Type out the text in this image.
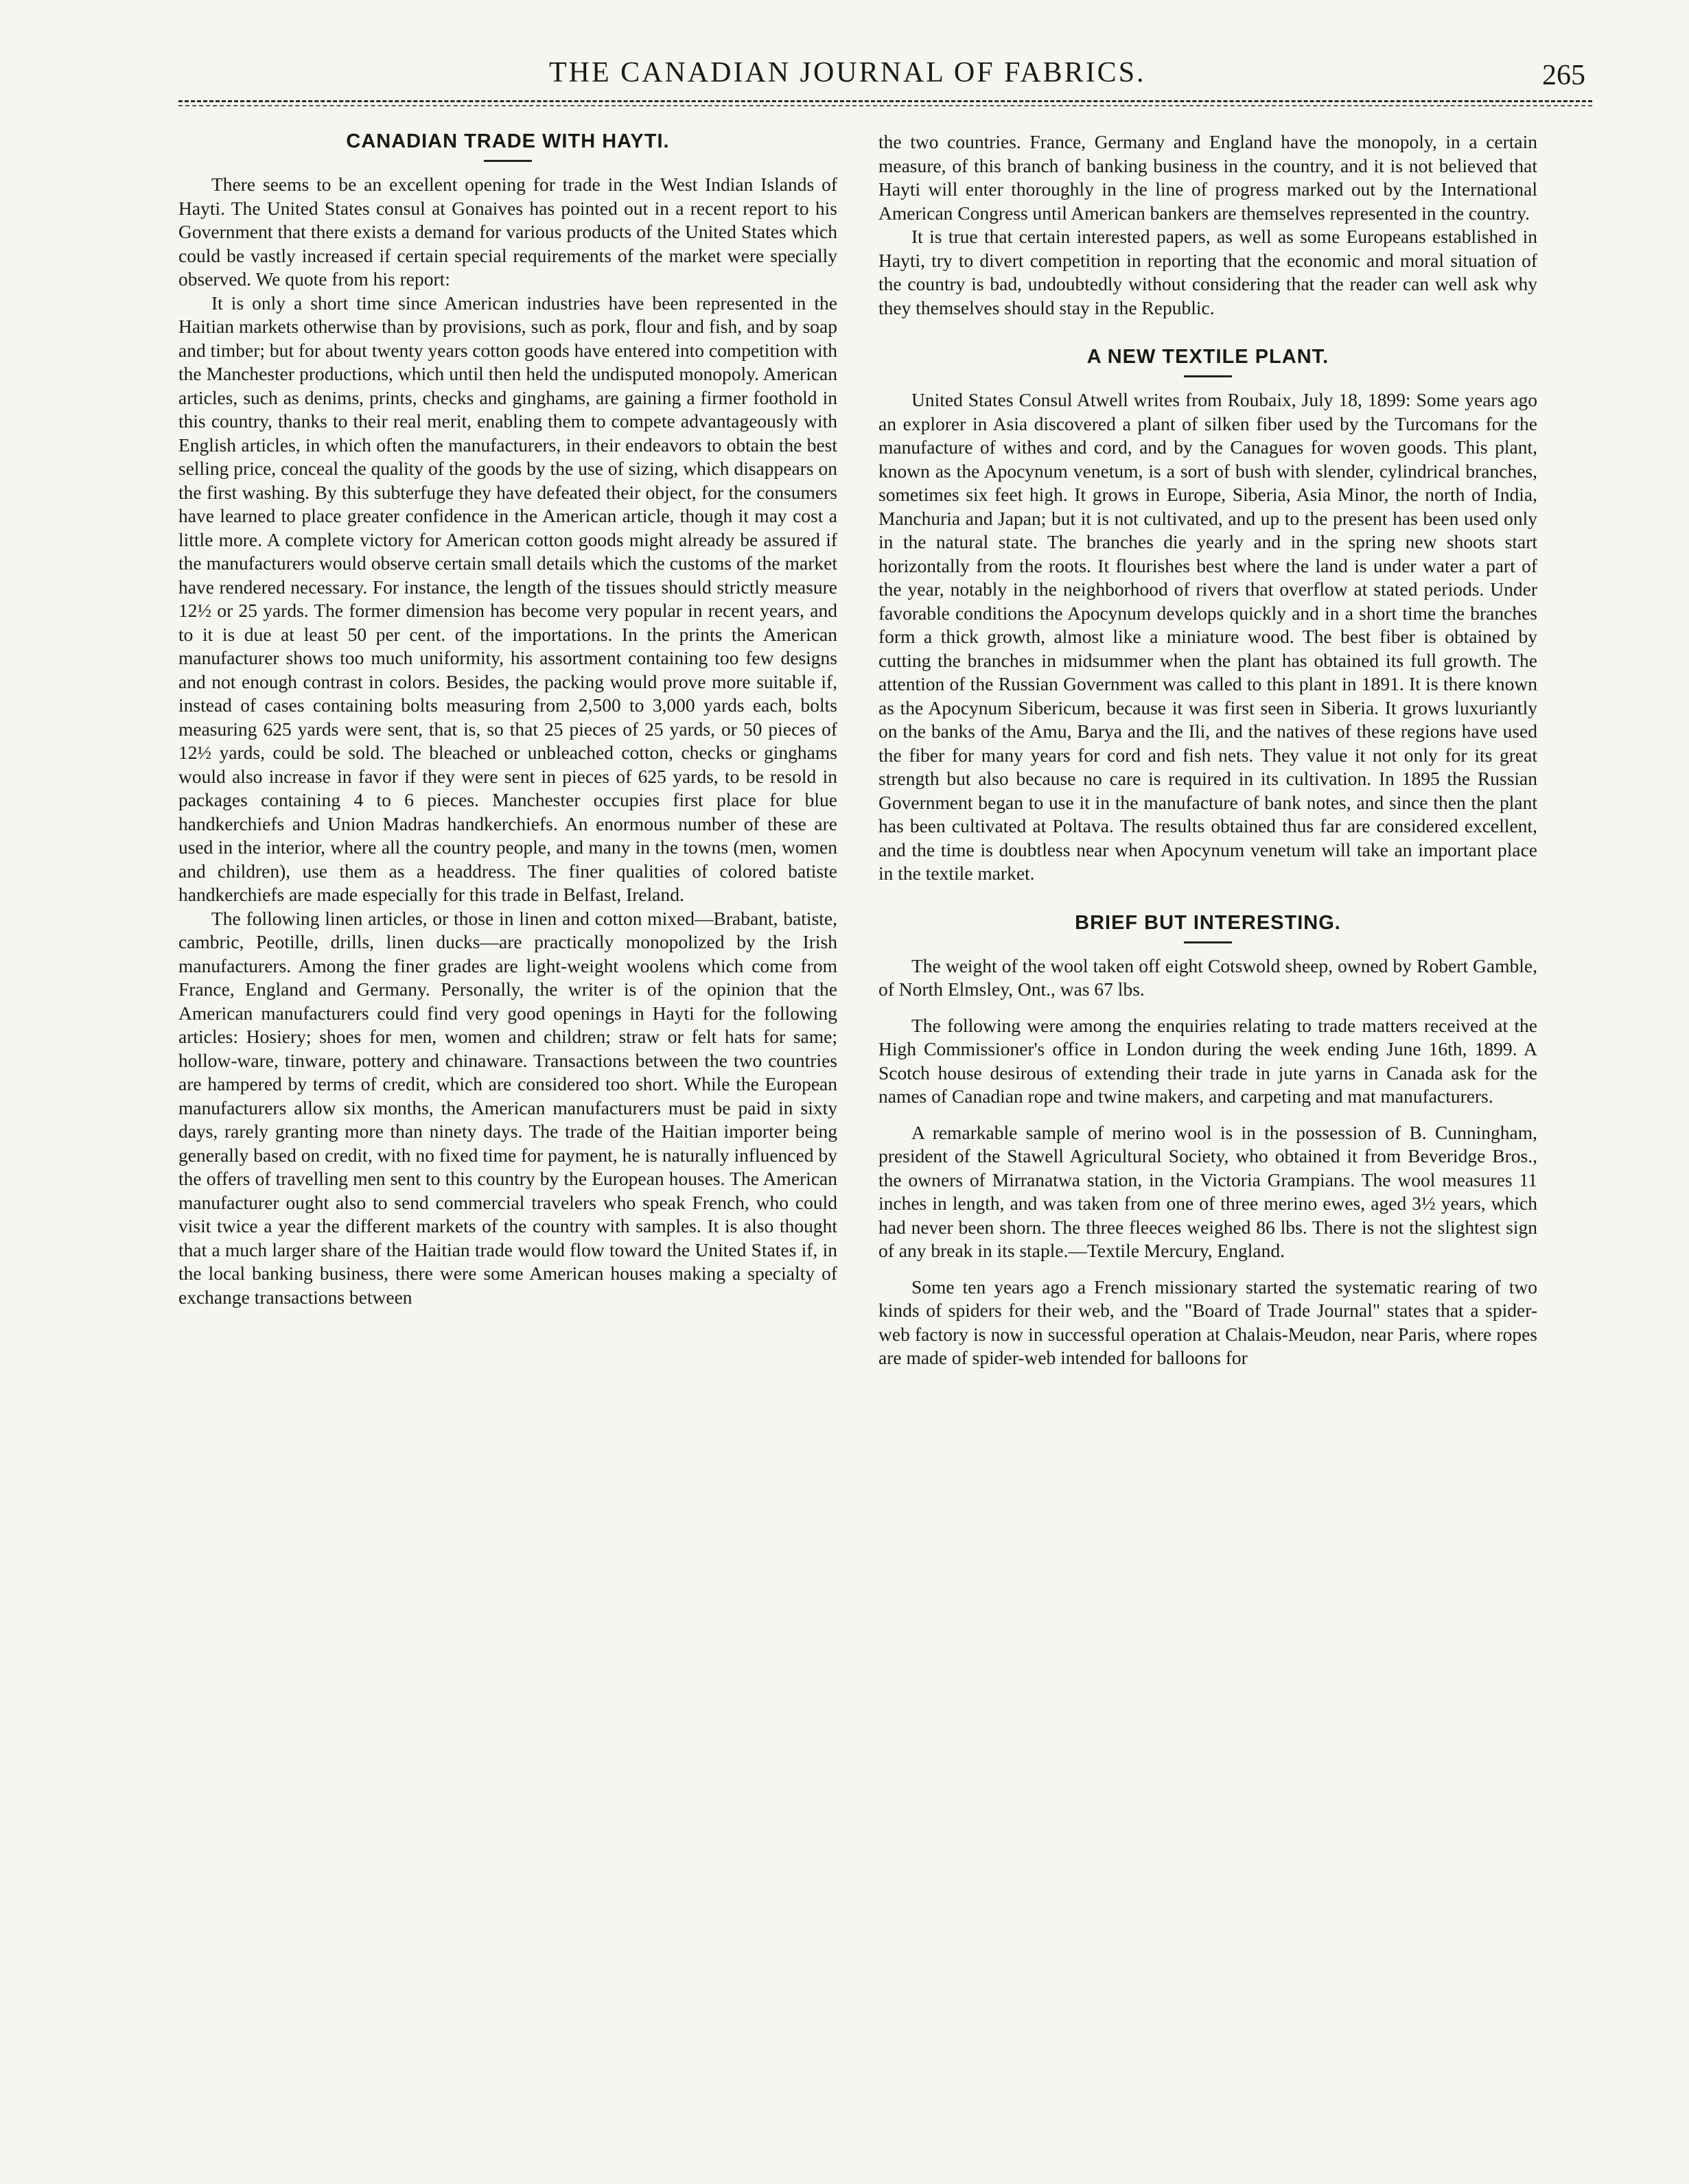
THE CANADIAN JOURNAL OF FABRICS.	265
CANADIAN TRADE WITH HAYTI.

There seems to be an excellent opening for trade in the West Indian Islands of Hayti. The United States consul at Gonaives has pointed out in a recent report to his Government that there exists a demand for various products of the United States which could be vastly increased if certain special requirements of the market were specially observed. We quote from his report:

It is only a short time since American industries have been represented in the Haitian markets otherwise than by provisions, such as pork, flour and fish, and by soap and timber; but for about twenty years cotton goods have entered into competition with the Manchester productions, which until then held the undisputed monopoly. American articles, such as denims, prints, checks and ginghams, are gaining a firmer foothold in this country, thanks to their real merit, enabling them to compete advantageously with English articles, in which often the manufacturers, in their endeavors to obtain the best selling price, conceal the quality of the goods by the use of sizing, which disappears on the first washing. By this subterfuge they have defeated their object, for the consumers have learned to place greater confidence in the American article, though it may cost a little more. A complete victory for American cotton goods might already be assured if the manufacturers would observe certain small details which the customs of the market have rendered necessary. For instance, the length of the tissues should strictly measure 12½ or 25 yards. The former dimension has become very popular in recent years, and to it is due at least 50 per cent. of the importations. In the prints the American manufacturer shows too much uniformity, his assortment containing too few designs and not enough contrast in colors. Besides, the packing would prove more suitable if, instead of cases containing bolts measuring from 2,500 to 3,000 yards each, bolts measuring 625 yards were sent, that is, so that 25 pieces of 25 yards, or 50 pieces of 12½ yards, could be sold. The bleached or unbleached cotton, checks or ginghams would also increase in favor if they were sent in pieces of 625 yards, to be resold in packages containing 4 to 6 pieces. Manchester occupies first place for blue handkerchiefs and Union Madras handkerchiefs. An enormous number of these are used in the interior, where all the country people, and many in the towns (men, women and children), use them as a headdress. The finer qualities of colored batiste handkerchiefs are made especially for this trade in Belfast, Ireland.

The following linen articles, or those in linen and cotton mixed—Brabant, batiste, cambric, Peotille, drills, linen ducks—are practically monopolized by the Irish manufacturers. Among the finer grades are light-weight woolens which come from France, England and Germany. Personally, the writer is of the opinion that the American manufacturers could find very good openings in Hayti for the following articles: Hosiery; shoes for men, women and children; straw or felt hats for same; hollow-ware, tinware, pottery and chinaware. Transactions between the two countries are hampered by terms of credit, which are considered too short. While the European manufacturers allow six months, the American manufacturers must be paid in sixty days, rarely granting more than ninety days. The trade of the Haitian importer being generally based on credit, with no fixed time for payment, he is naturally influenced by the offers of travelling men sent to this country by the European houses. The American manufacturer ought also to send commercial travelers who speak French, who could visit twice a year the different markets of the country with samples. It is also thought that a much larger share of the Haitian trade would flow toward the United States if, in the local banking business, there were some American houses making a specialty of exchange transactions between

the two countries. France, Germany and England have the monopoly, in a certain measure, of this branch of banking business in the country, and it is not believed that Hayti will enter thoroughly in the line of progress marked out by the International American Congress until American bankers are themselves represented in the country.

It is true that certain interested papers, as well as some Europeans established in Hayti, try to divert competition in reporting that the economic and moral situation of the country is bad, undoubtedly without considering that the reader can well ask why they themselves should stay in the Republic.

A NEW TEXTILE PLANT.

United States Consul Atwell writes from Roubaix, July 18, 1899: Some years ago an explorer in Asia discovered a plant of silken fiber used by the Turcomans for the manufacture of withes and cord, and by the Canagues for woven goods. This plant, known as the Apocynum venetum, is a sort of bush with slender, cylindrical branches, sometimes six feet high. It grows in Europe, Siberia, Asia Minor, the north of India, Manchuria and Japan; but it is not cultivated, and up to the present has been used only in the natural state. The branches die yearly and in the spring new shoots start horizontally from the roots. It flourishes best where the land is under water a part of the year, notably in the neighborhood of rivers that overflow at stated periods. Under favorable conditions the Apocynum develops quickly and in a short time the branches form a thick growth, almost like a miniature wood. The best fiber is obtained by cutting the branches in midsummer when the plant has obtained its full growth. The attention of the Russian Government was called to this plant in 1891. It is there known as the Apocynum Sibericum, because it was first seen in Siberia. It grows luxuriantly on the banks of the Amu, Barya and the Ili, and the natives of these regions have used the fiber for many years for cord and fish nets. They value it not only for its great strength but also because no care is required in its cultivation. In 1895 the Russian Government began to use it in the manufacture of bank notes, and since then the plant has been cultivated at Poltava. The results obtained thus far are considered excellent, and the time is doubtless near when Apocynum venetum will take an important place in the textile market.

BRIEF BUT INTERESTING.

The weight of the wool taken off eight Cotswold sheep, owned by Robert Gamble, of North Elmsley, Ont., was 67 lbs.

The following were among the enquiries relating to trade matters received at the High Commissioner's office in London during the week ending June 16th, 1899. A Scotch house desirous of extending their trade in jute yarns in Canada ask for the names of Canadian rope and twine makers, and carpeting and mat manufacturers.

A remarkable sample of merino wool is in the possession of B. Cunningham, president of the Stawell Agricultural Society, who obtained it from Beveridge Bros., the owners of Mirranatwa station, in the Victoria Grampians. The wool measures 11 inches in length, and was taken from one of three merino ewes, aged 3½ years, which had never been shorn. The three fleeces weighed 86 lbs. There is not the slightest sign of any break in its staple.—Textile Mercury, England.

Some ten years ago a French missionary started the systematic rearing of two kinds of spiders for their web, and the "Board of Trade Journal" states that a spider-web factory is now in successful operation at Chalais-Meudon, near Paris, where ropes are made of spider-web intended for balloons for
